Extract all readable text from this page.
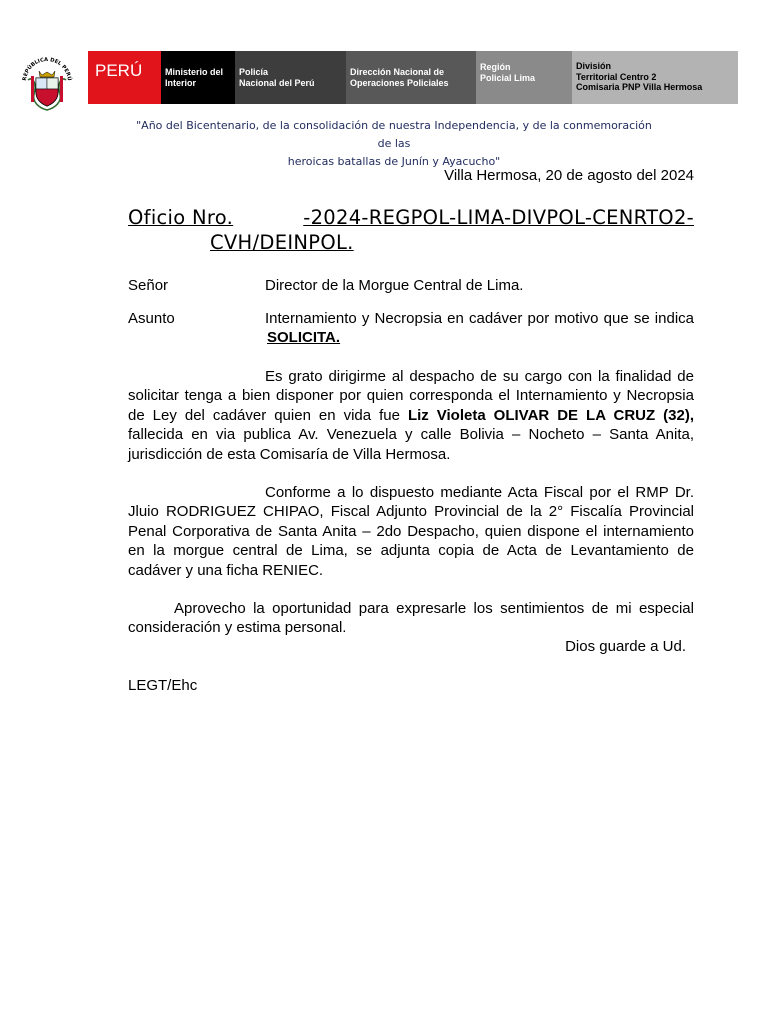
REPÚBLICA DEL PERÚ PERÚ	Ministerio del
Interior
Policía
Nacional del Perú
Dirección Nacional de
Operaciones Policiales
Región
Policial Lima
División
Territorial Centro 2
Comisaria PNP Villa Hermosa
"Año del Bicentenario, de la consolidación de nuestra Independencia, y de la conmemoración de las
heroicas batallas de Junín y Ayacucho"
Villa Hermosa, 20 de agosto del 2024
Oficio Nro.	-2024-REGPOL-LIMA-DIVPOL-CENRTO2-
CVH/DEINPOL.
Señor	Director de la Morgue Central de Lima.
Asunto	Internamiento y Necropsia en cadáver por motivo que se indica SOLICITA.

Es grato dirigirme al despacho de su cargo con la finalidad de solicitar tenga a bien disponer por quien corresponda el Internamiento y Necropsia de Ley del cadáver quien en vida fue Liz Violeta OLIVAR DE LA CRUZ (32), fallecida en via publica Av. Venezuela y calle Bolivia – Nocheto – Santa Anita, jurisdicción de esta Comisaría de Villa Hermosa.

Conforme a lo dispuesto mediante Acta Fiscal por el RMP Dr. Jluio RODRIGUEZ CHIPAO, Fiscal Adjunto Provincial de la 2° Fiscalía Provincial Penal Corporativa de Santa Anita – 2do Despacho, quien dispone el internamiento en la morgue central de Lima, se adjunta copia de Acta de Levantamiento de cadáver y una ficha RENIEC.

Aprovecho la oportunidad para expresarle los sentimientos de mi especial consideración y estima personal.

Dios guarde a Ud.
LEGT/Ehc
